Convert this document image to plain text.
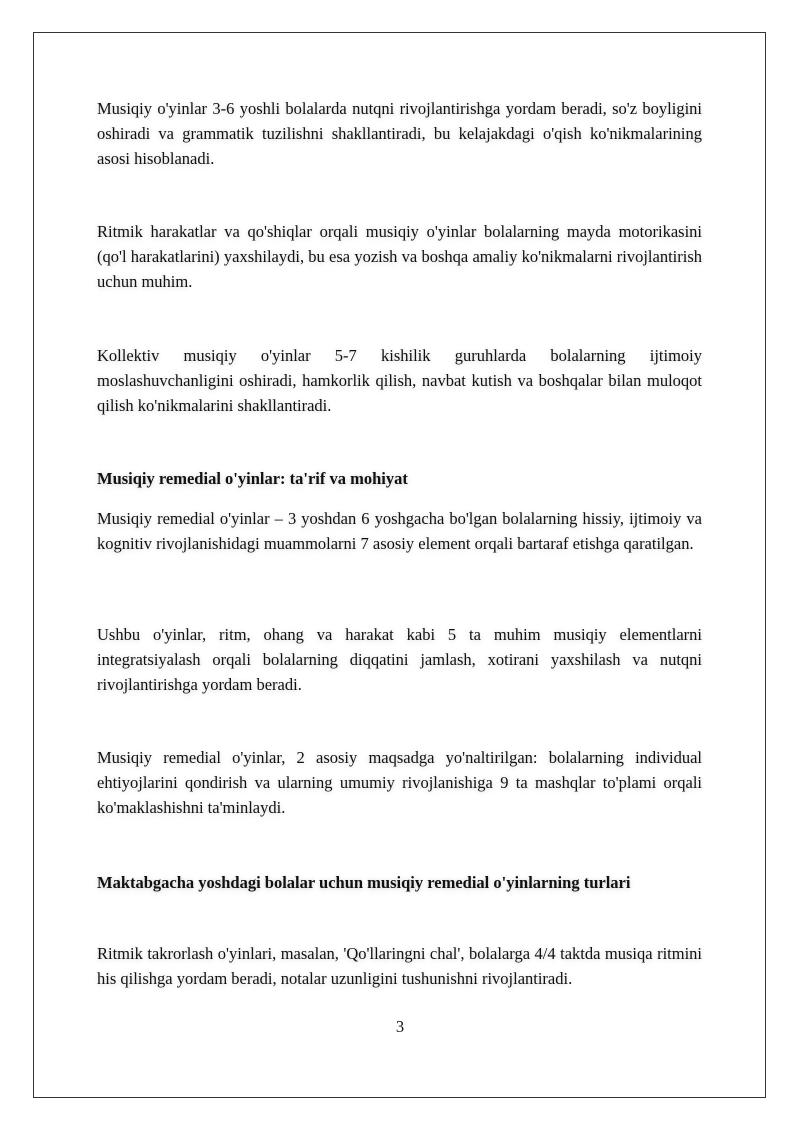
Musiqiy o'yinlar 3-6 yoshli bolalarda nutqni rivojlantirishga yordam beradi, so'z boyligini oshiradi va grammatik tuzilishni shakllantiradi, bu kelajakdagi o'qish ko'nikmalarining asosi hisoblanadi.

Ritmik harakatlar va qo'shiqlar orqali musiqiy o'yinlar bolalarning mayda motorikasini (qo'l harakatlarini) yaxshilaydi, bu esa yozish va boshqa amaliy ko'nikmalarni rivojlantirish uchun muhim.

Kollektiv musiqiy o'yinlar 5-7 kishilik guruhlarda bolalarning ijtimoiy moslashuvchanligini oshiradi, hamkorlik qilish, navbat kutish va boshqalar bilan muloqot qilish ko'nikmalarini shakllantiradi.

Musiqiy remedial o'yinlar: ta'rif va mohiyat

Musiqiy remedial o'yinlar – 3 yoshdan 6 yoshgacha bo'lgan bolalarning hissiy, ijtimoiy va kognitiv rivojlanishidagi muammolarni 7 asosiy element orqali bartaraf etishga qaratilgan.

Ushbu o'yinlar, ritm, ohang va harakat kabi 5 ta muhim musiqiy elementlarni integratsiyalash orqali bolalarning diqqatini jamlash, xotirani yaxshilash va nutqni rivojlantirishga yordam beradi.

Musiqiy remedial o'yinlar, 2 asosiy maqsadga yo'naltirilgan: bolalarning individual ehtiyojlarini qondirish va ularning umumiy rivojlanishiga 9 ta mashqlar to'plami orqali ko'maklashishni ta'minlaydi.

Maktabgacha yoshdagi bolalar uchun musiqiy remedial o'yinlarning turlari

Ritmik takrorlash o'yinlari, masalan, 'Qo'llaringni chal', bolalarga 4/4 taktda musiqa ritmini his qilishga yordam beradi, notalar uzunligini tushunishni rivojlantiradi.

3
